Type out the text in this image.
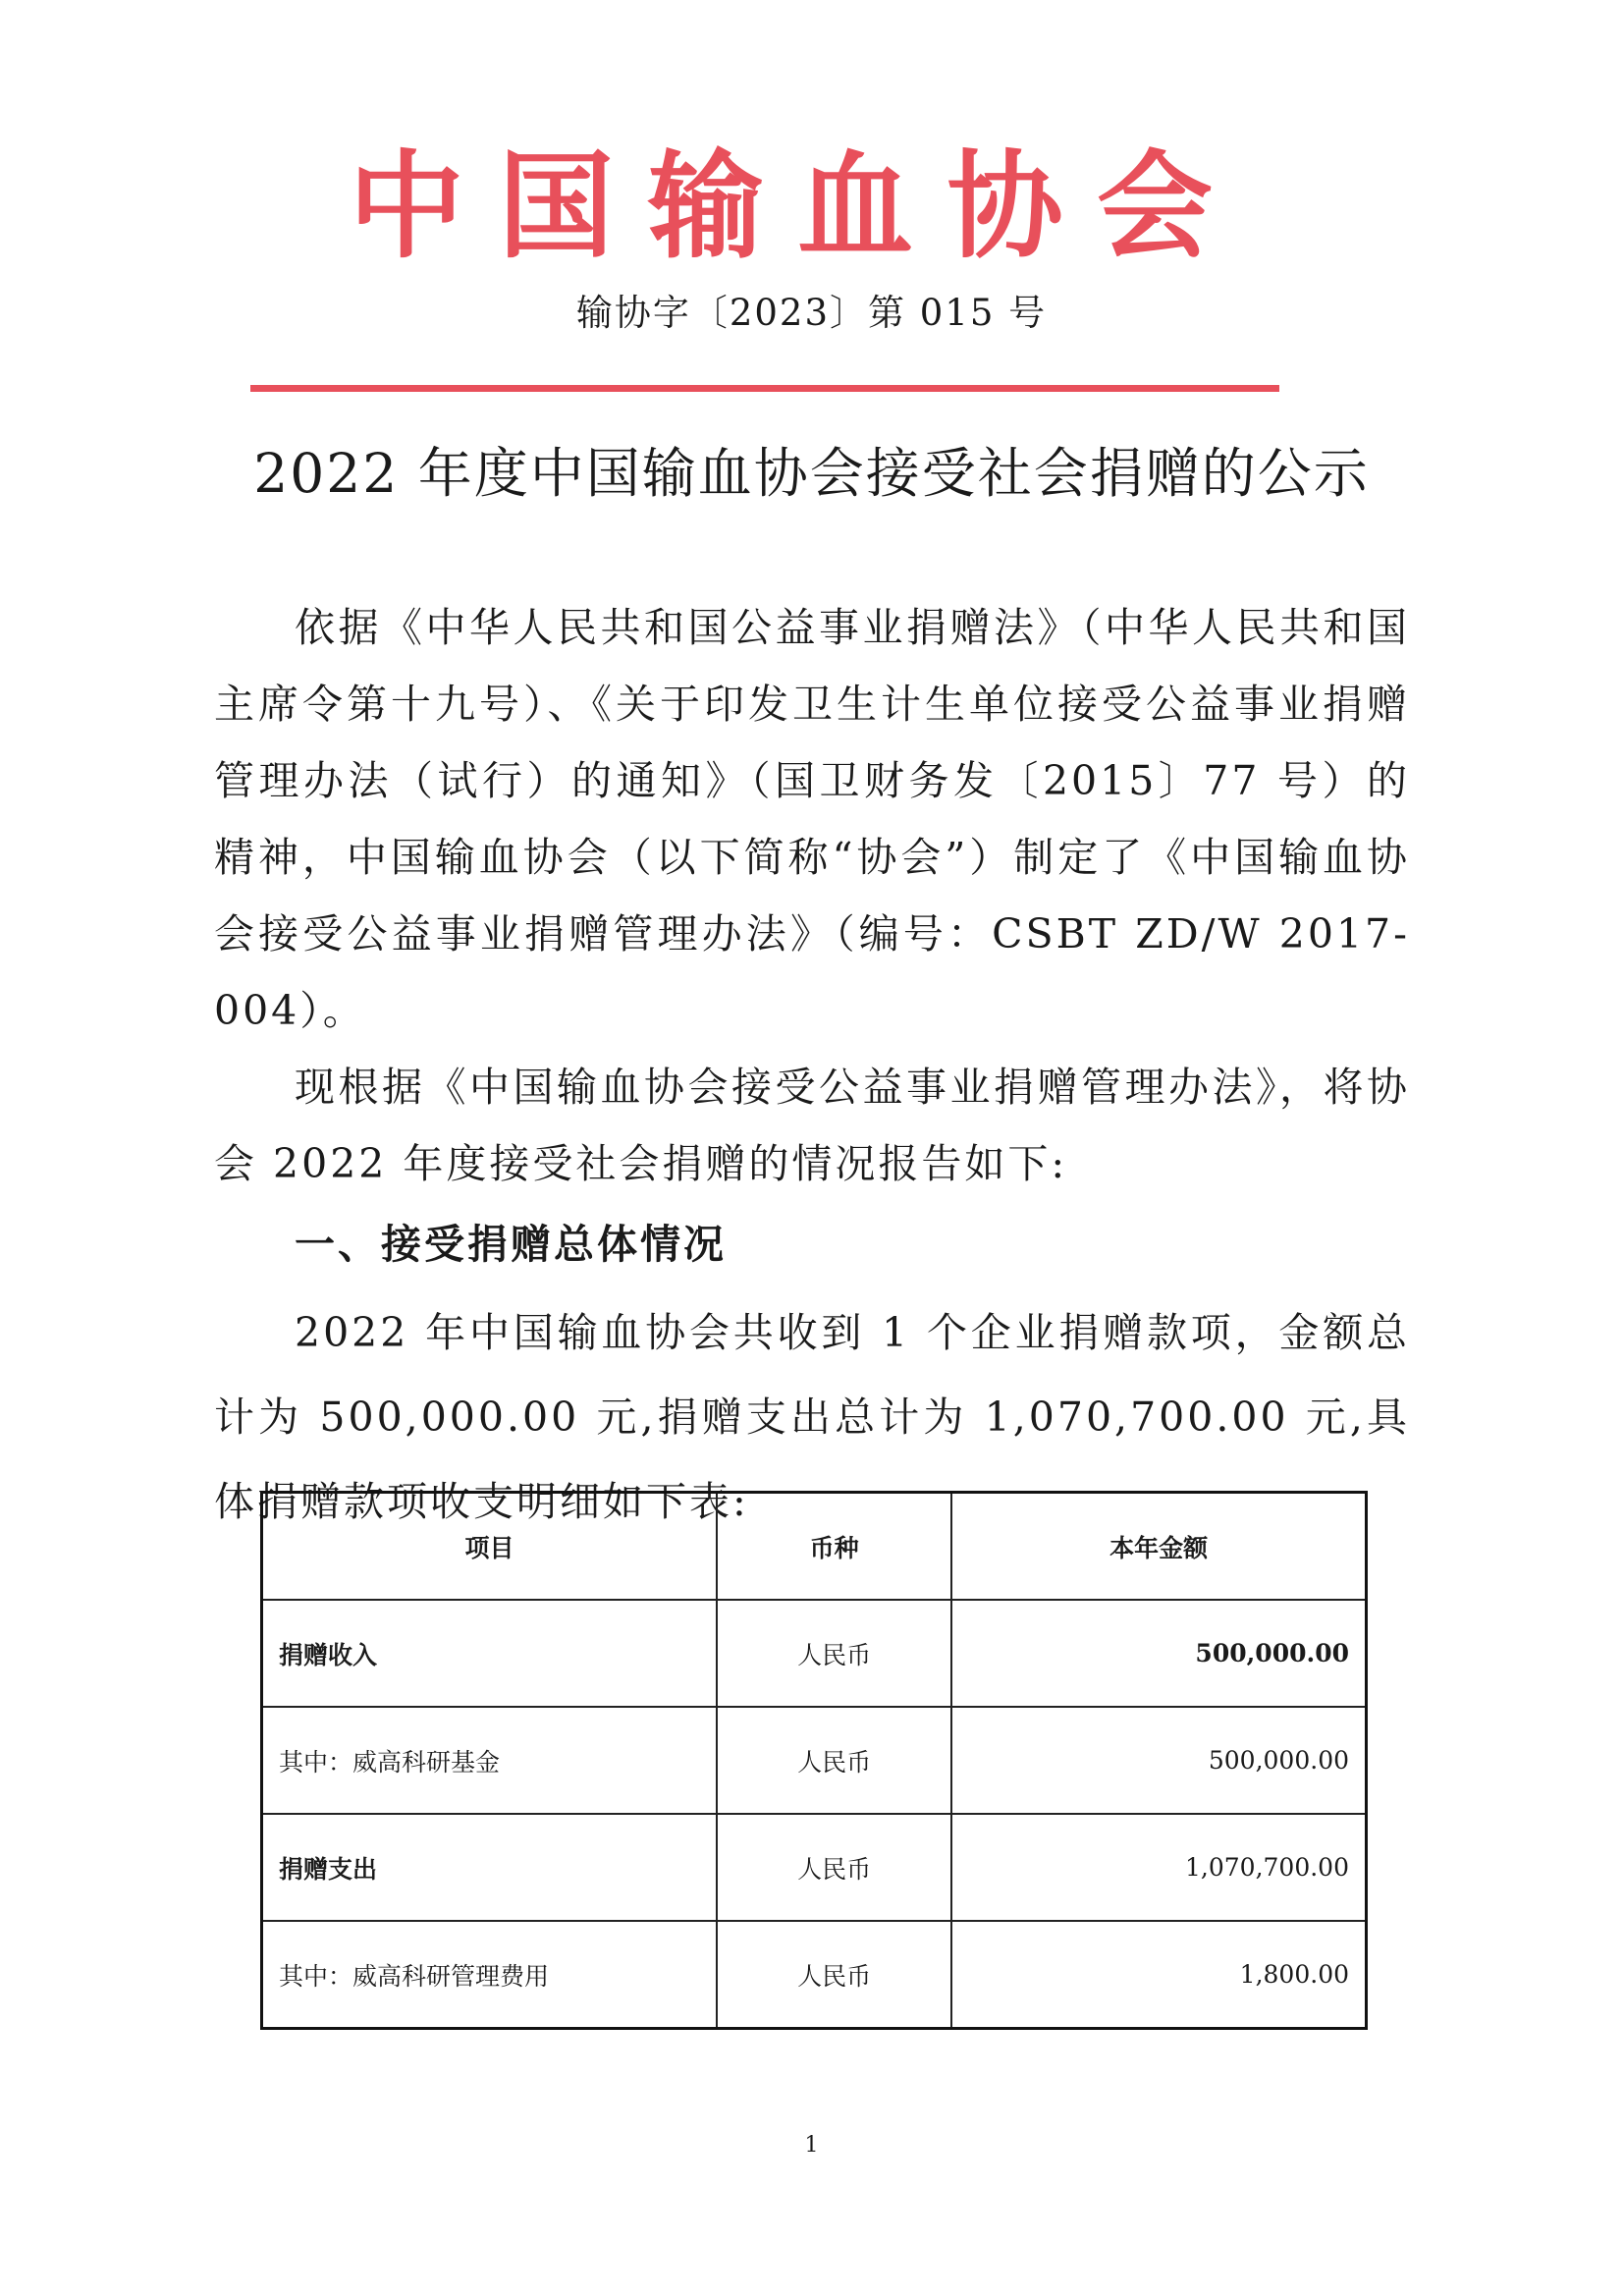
中 国 输 血 协 会
输协字〔2023〕第 015 号
2022 年度中国输血协会接受社会捐赠的公示

依据《中华人民共和国公益事业捐赠法》（中华人民共和国主席令第十九号）、《关于印发卫生计生单位接受公益事业捐赠管理办法（试行）的通知》（国卫财务发〔2015〕77 号）的精神，中国输血协会（以下简称“协会”）制定了《中国输血协会接受公益事业捐赠管理办法》（编号：CSBT ZD/W 2017-004）。

现根据《中国输血协会接受公益事业捐赠管理办法》，将协会 2022 年度接受社会捐赠的情况报告如下:

一、接受捐赠总体情况

2022 年中国输血协会共收到 1 个企业捐赠款项，金额总计为 500,000.00 元,捐赠支出总计为 1,070,700.00 元,具体捐赠款项收支明细如下表:

项目	币种	本年金额
捐赠收入	人民币	500,000.00
其中：威高科研基金	人民币	500,000.00
捐赠支出	人民币	1,070,700.00
其中：威高科研管理费用	人民币	1,800.00
1
